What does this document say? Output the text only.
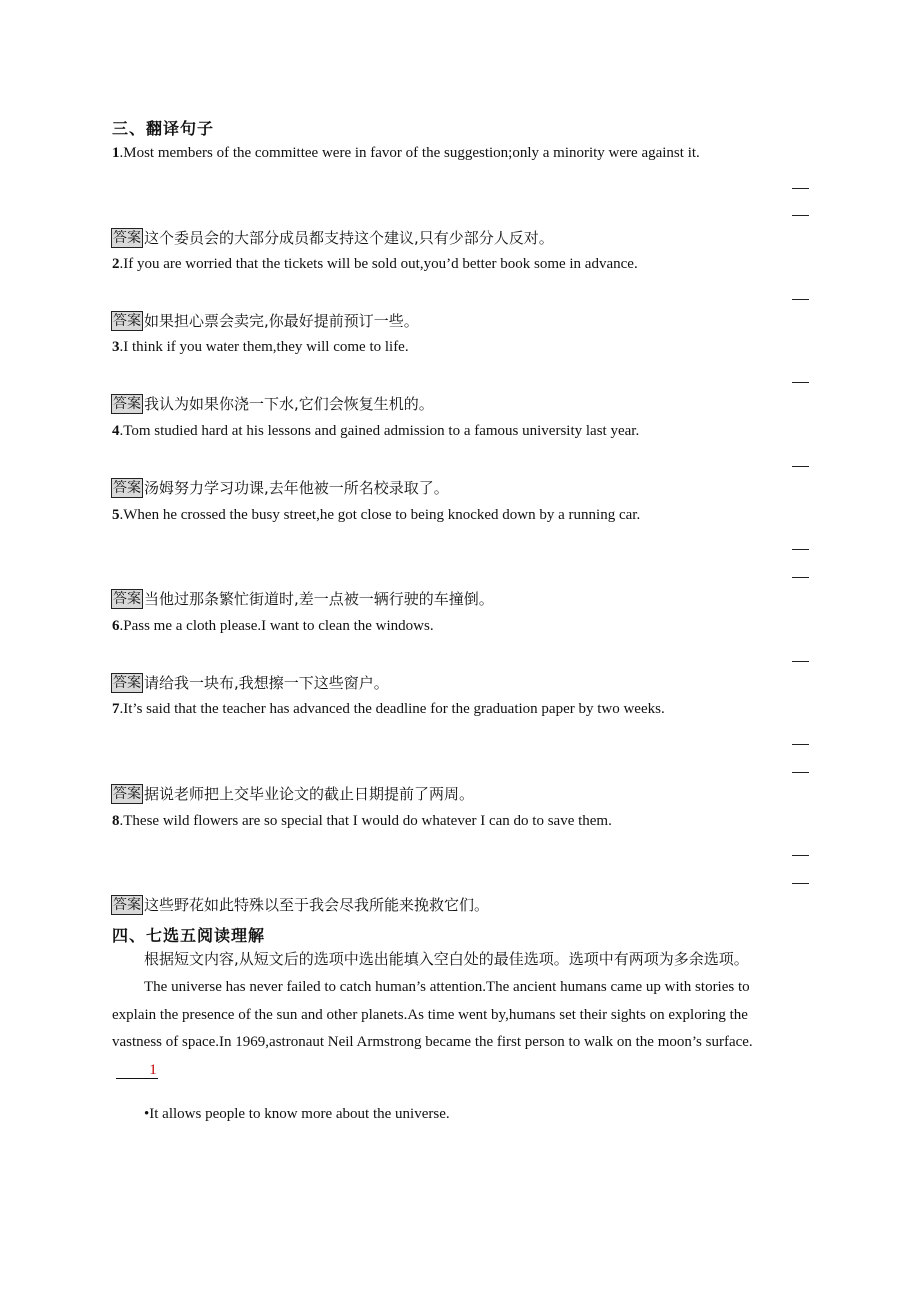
三、翻译句子
1.Most members of the committee were in favor of the suggestion;only a minority were against it.
答案 这个委员会的大部分成员都支持这个建议,只有少部分人反对。
2.If you are worried that the tickets will be sold out,you’d better book some in advance.
答案 如果担心票会卖完,你最好提前预订一些。
3.I think if you water them,they will come to life.
答案 我认为如果你浇一下水,它们会恢复生机的。
4.Tom studied hard at his lessons and gained admission to a famous university last year.
答案 汤姆努力学习功课,去年他被一所名校录取了。
5.When he crossed the busy street,he got close to being knocked down by a running car.
答案 当他过那条繁忙街道时,差一点被一辆行驶的车撞倒。
6.Pass me a cloth please.I want to clean the windows.
答案 请给我一块布,我想擦一下这些窗户。
7.It’s said that the teacher has advanced the deadline for the graduation paper by two weeks.
答案 据说老师把上交毕业论文的截止日期提前了两周。
8.These wild flowers are so special that I would do whatever I can do to save them.
答案 这些野花如此特殊以至于我会尽我所能来挽救它们。
四、七选五阅读理解
根据短文内容,从短文后的选项中选出能填入空白处的最佳选项。选项中有两项为多余选项。
The universe has never failed to catch human’s attention.The ancient humans came up with stories to explain the presence of the sun and other planets.As time went by,humans set their sights on exploring the vastness of space.In 1969,astronaut Neil Armstrong became the first person to walk on the moon’s surface.1
•It allows people to know more about the universe.
